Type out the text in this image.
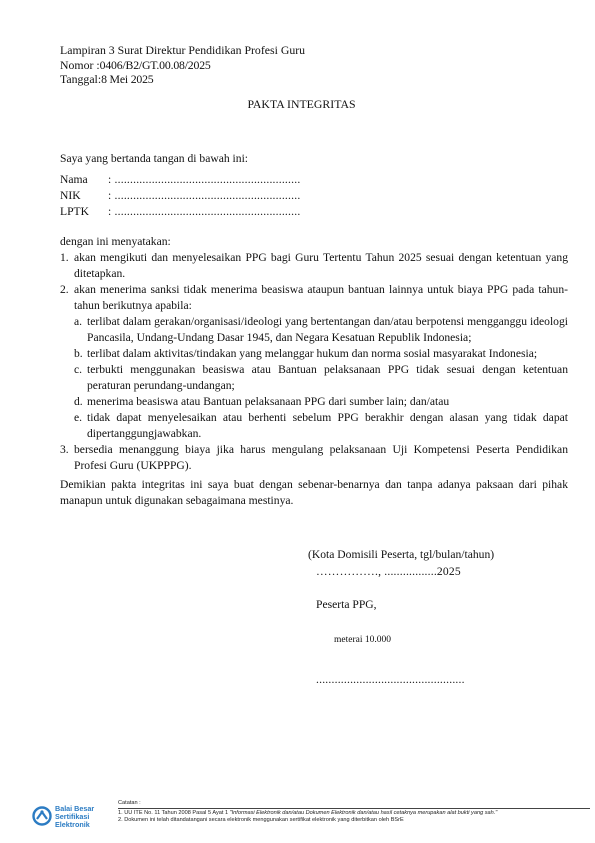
Lampiran 3 Surat Direktur Pendidikan Profesi Guru
Nomor :0406/B2/GT.00.08/2025
Tanggal:8 Mei 2025
PAKTA INTEGRITAS
Saya yang bertanda tangan di bawah ini:
Nama	: ............................................................
NIK	: ............................................................
LPTK	: ............................................................
dengan ini menyatakan:
1. akan mengikuti dan menyelesaikan PPG bagi Guru Tertentu Tahun 2025 sesuai dengan ketentuan yang ditetapkan.
2. akan menerima sanksi tidak menerima beasiswa ataupun bantuan lainnya untuk biaya PPG pada tahun-tahun berikutnya apabila:
a. terlibat dalam gerakan/organisasi/ideologi yang bertentangan dan/atau berpotensi mengganggu ideologi Pancasila, Undang-Undang Dasar 1945, dan Negara Kesatuan Republik Indonesia;
b. terlibat dalam aktivitas/tindakan yang melanggar hukum dan norma sosial masyarakat Indonesia;
c. terbukti menggunakan beasiswa atau Bantuan pelaksanaan PPG tidak sesuai dengan ketentuan peraturan perundang-undangan;
d. menerima beasiswa atau Bantuan pelaksanaan PPG dari sumber lain; dan/atau
e. tidak dapat menyelesaikan atau berhenti sebelum PPG berakhir dengan alasan yang tidak dapat dipertanggungjawabkan.
3. bersedia menanggung biaya jika harus mengulang pelaksanaan Uji Kompetensi Peserta Pendidikan Profesi Guru (UKPPPG).
Demikian pakta integritas ini saya buat dengan sebenar-benarnya dan tanpa adanya paksaan dari pihak manapun untuk digunakan sebagaimana mestinya.
(Kota Domisili Peserta, tgl/bulan/tahun)
……………., .................2025
Peserta PPG,
meterai 10.000
................................................
Balai Besar
Sertifikasi
Elektronik
Catatan :
1. UU ITE No. 11 Tahun 2008 Pasal 5 Ayat 1 "Informasi Elektronik dan/atau Dokumen Elektronik dan/atau hasil cetaknya merupakan alat bukti yang sah."
2. Dokumen ini telah ditandatangani secara elektronik menggunakan sertifikat elektronik yang diterbitkan oleh BSrE
